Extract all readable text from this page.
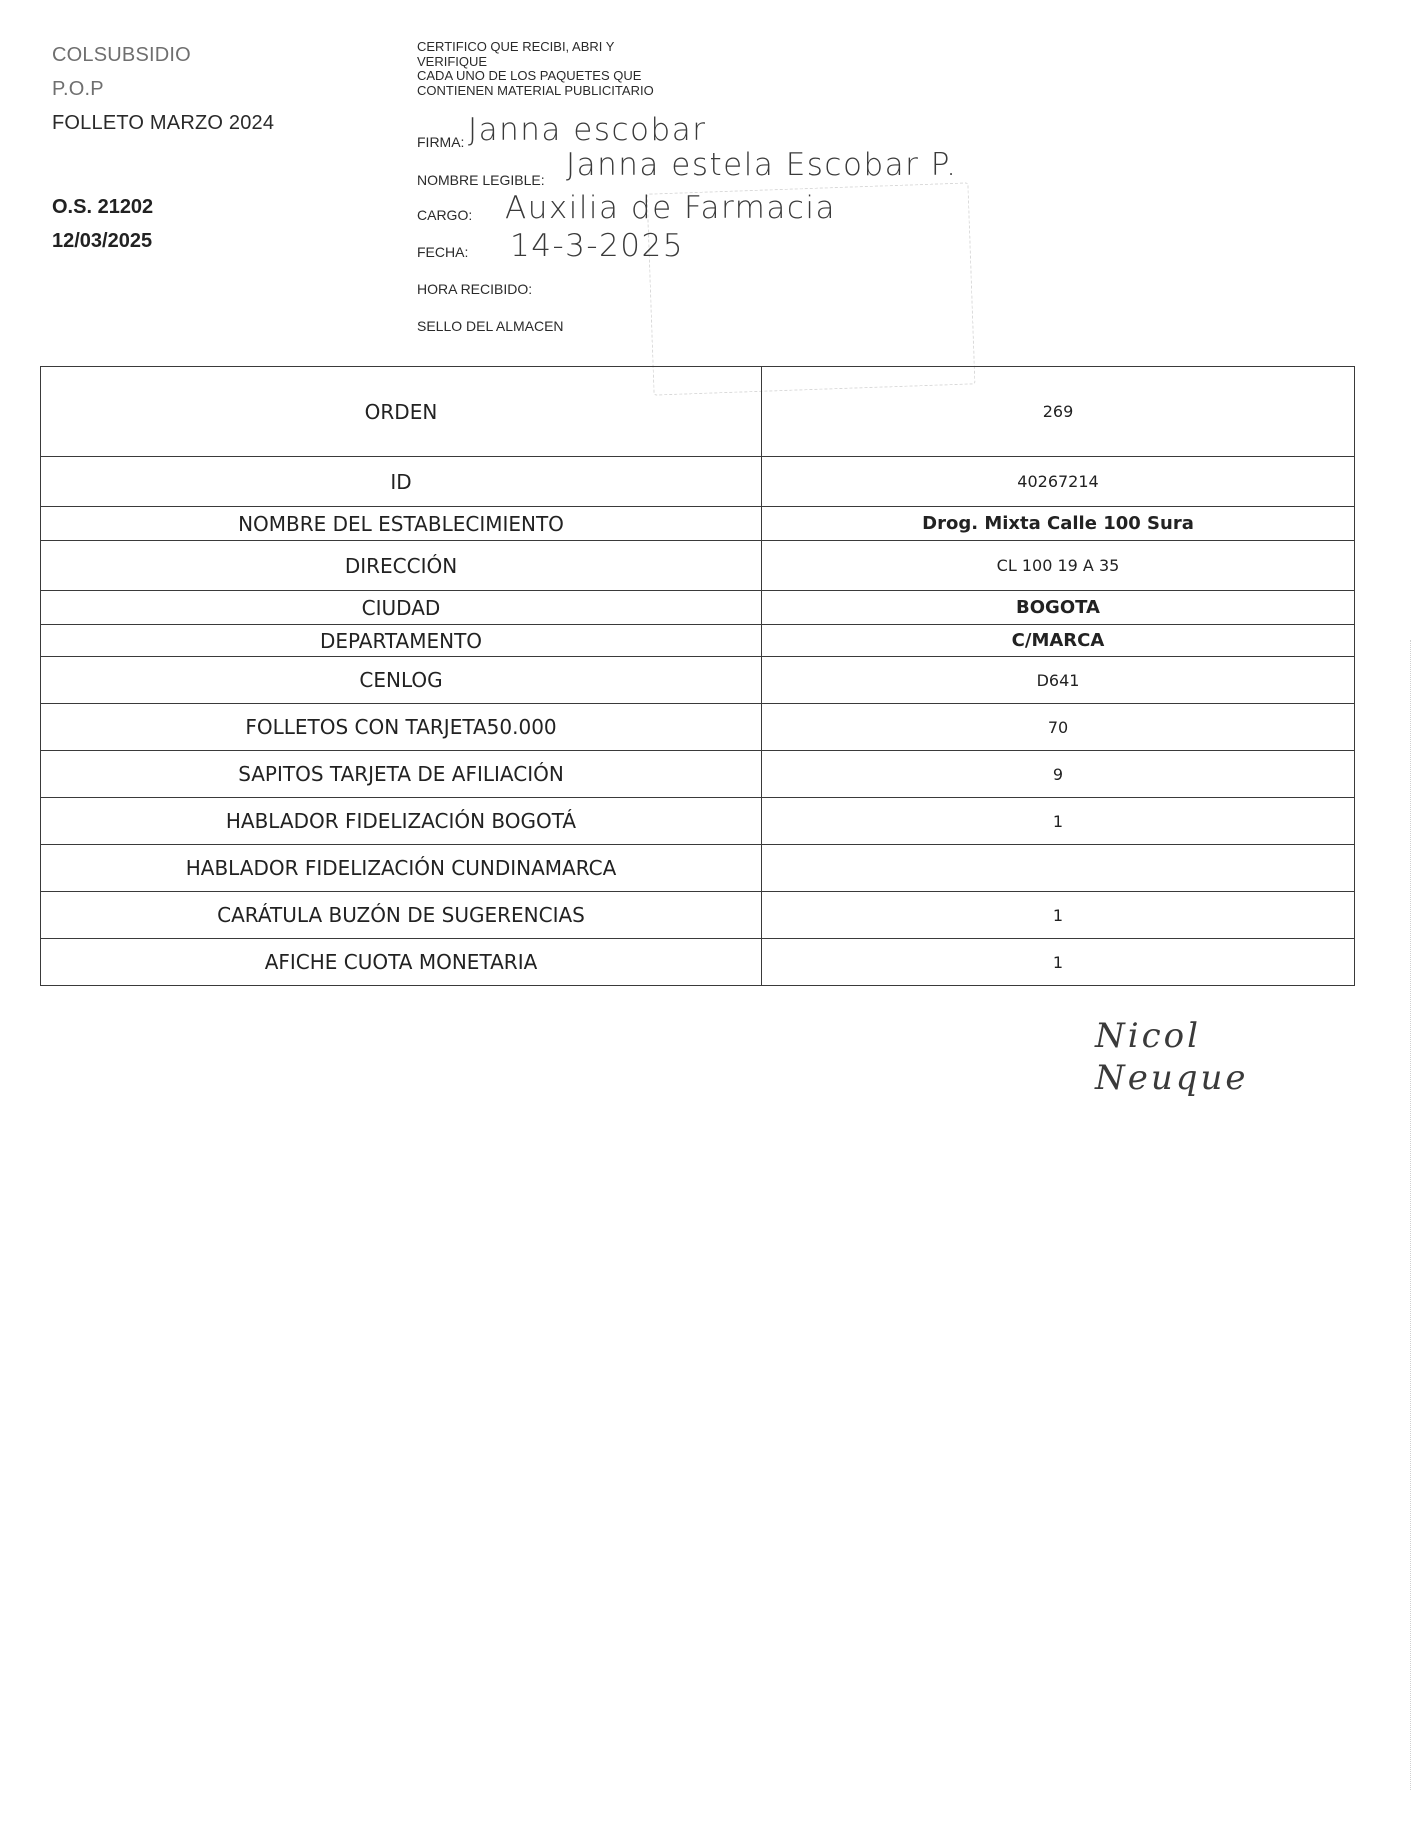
COLSUBSIDIO
P.O.P
FOLLETO MARZO 2024
O.S. 21202
12/03/2025
CERTIFICO QUE RECIBI, ABRI Y
VERIFIQUE
CADA UNO DE LOS PAQUETES QUE
CONTIENEN MATERIAL PUBLICITARIO
FIRMA: Janna escobar
NOMBRE LEGIBLE: Janna estela Escobar P.
CARGO: Auxilia de Farmacia
FECHA: 14-3-2025
HORA RECIBIDO:
SELLO DEL ALMACEN
ORDEN	269
ID	40267214
NOMBRE DEL ESTABLECIMIENTO	Drog. Mixta Calle 100 Sura
DIRECCIÓN	CL 100 19 A 35
CIUDAD	BOGOTA
DEPARTAMENTO	C/MARCA
CENLOG	D641
FOLLETOS CON TARJETA50.000	70
SAPITOS TARJETA DE AFILIACIÓN	9
HABLADOR FIDELIZACIÓN BOGOTÁ	1
HABLADOR FIDELIZACIÓN CUNDINAMARCA	
CARÁTULA BUZÓN DE SUGERENCIAS	1
AFICHE CUOTA MONETARIA	1
Nicol
Neuque
